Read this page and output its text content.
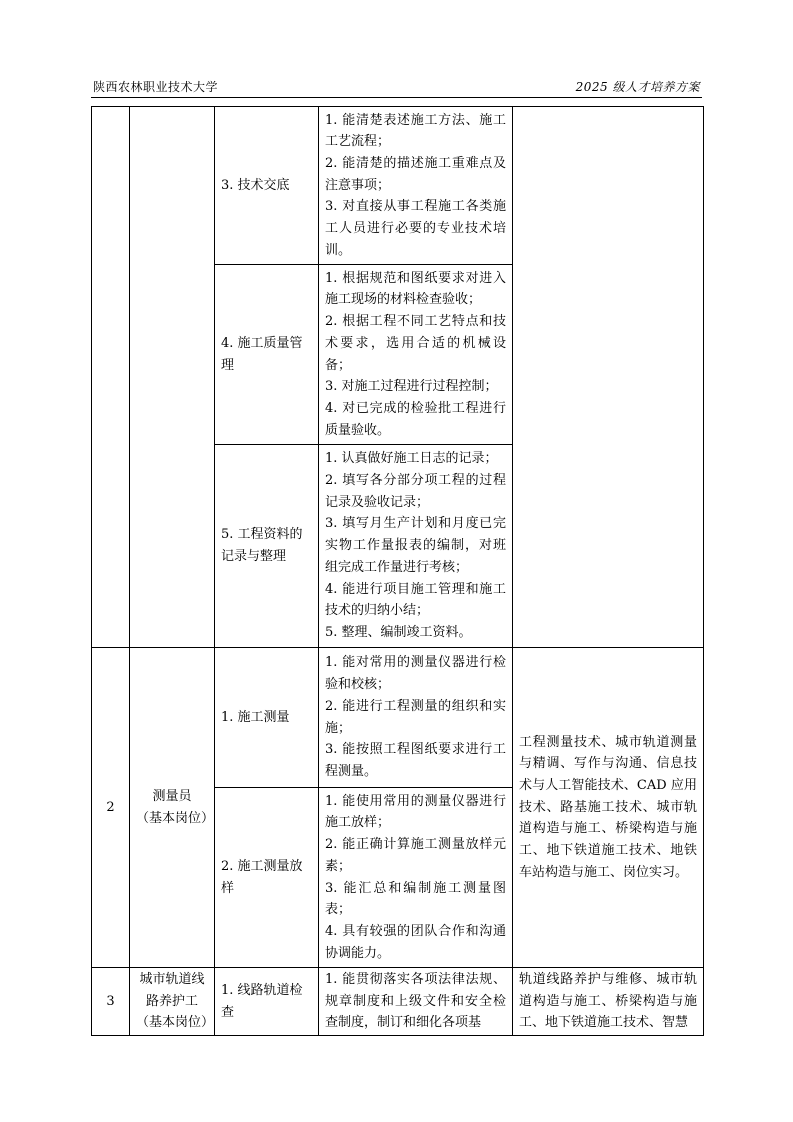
陕西农林职业技术大学	2025 级人才培养方案
		3. 技术交底	1. 能清楚表述施工方法、施工工艺流程；
2. 能清楚的描述施工重难点及注意事项；
3. 对直接从事工程施工各类施工人员进行必要的专业技术培训。	

		4. 施工质量管理	1. 根据规范和图纸要求对进入施工现场的材料检查验收；
2. 根据工程不同工艺特点和技术要求，选用合适的机械设备；
3. 对施工过程进行过程控制；
4. 对已完成的检验批工程进行质量验收。	

		5. 工程资料的记录与整理	1. 认真做好施工日志的记录；
2. 填写各分部分项工程的过程记录及验收记录；
3. 填写月生产计划和月度已完实物工作量报表的编制，对班组完成工作量进行考核；
4. 能进行项目施工管理和施工技术的归纳小结；
5. 整理、编制竣工资料。	

2	测量员
（基本岗位）	1. 施工测量	1. 能对常用的测量仪器进行检验和校核；
2. 能进行工程测量的组织和实施；
3. 能按照工程图纸要求进行工程测量。	工程测量技术、城市轨道测量与精调、写作与沟通、信息技术与人工智能技术、CAD 应用技术、路基施工技术、城市轨道构造与施工、桥梁构造与施工、地下铁道施工技术、地铁车站构造与施工、岗位实习。
		2. 施工测量放样	1. 能使用常用的测量仪器进行施工放样；
2. 能正确计算施工测量放样元素；
3. 能汇总和编制施工测量图表；
4. 具有较强的团队合作和沟通协调能力。	

3	城市轨道线路养护工
（基本岗位）	1. 线路轨道检查	1. 能贯彻落实各项法律法规、规章制度和上级文件和安全检查制度，制订和细化各项基	轨道线路养护与维修、城市轨道构造与施工、桥梁构造与施工、地下铁道施工技术、智慧
